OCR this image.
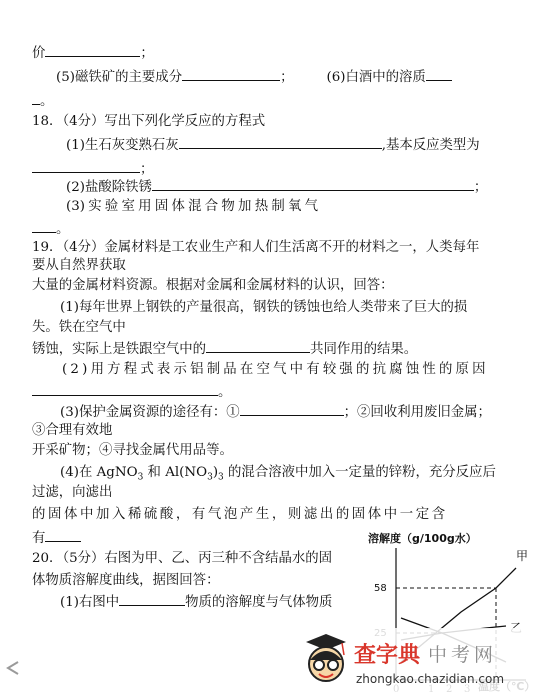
价	；
(5)磁铁矿的主要成分	； (6)白酒中的溶质
。
18．（4分）写出下列化学反应的方程式
(1)生石灰变熟石灰	,基本反应类型为
；
(2)盐酸除铁锈	；
(3) 实 验 室 用 固 体 混 合 物 加 热 制 氧 气
。
19．（4分）金属材料是工农业生产和人们生活离不开的材料之一，人类每年
要从自然界获取
大量的金属材料资源。根据对金属和金属材料的认识，回答：
(1)每年世界上钢铁的产量很高，钢铁的锈蚀也给人类带来了巨大的损
失。铁在空气中
锈蚀，实际上是铁跟空气中的	共同作用的结果。
(2)用方程式表示铝制品在空气中有较强的抗腐蚀性的原因
。
(3)保护金属资源的途径有：①	；②回收利用废旧金属；
③合理有效地
开采矿物；④寻找金属代用品等。
(4)在 AgNO$_3$ 和 $Al(NO_3)_3$ 的混合溶液中加入一定量的锌粉，充分反应后
过滤，向滤出
的固体中加入稀硫酸，有气泡产生，则滤出的固体中一定含
有
20．（5分）右图为甲、乙、丙三种不含结晶水的固
体物质溶解度曲线，据图回答：
(1)右图中	物质的溶解度与气体物质
溶解度（g/100g水）
58
甲
查字典 中考网
zhongkao.chazidian.com
